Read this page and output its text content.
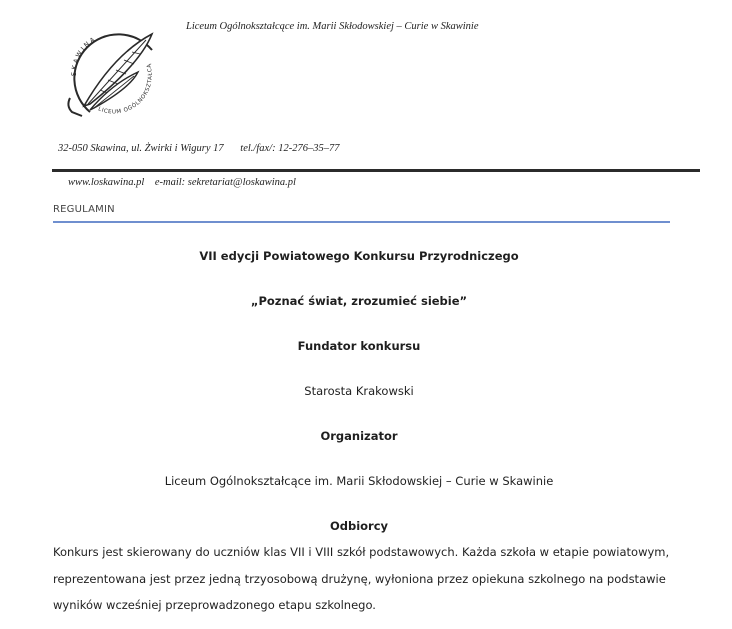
SKAWINA
LICEUM OGÓLNOKSZTAŁCĄ
Liceum Ogólnokształcące im. Marii Skłodowskiej – Curie w Skawinie
32-050 Skawina, ul. Żwirki i Wigury 17 tel./fax/: 12-276–35–77
www.loskawina.pl e-mail: sekretariat@loskawina.pl
REGULAMIN
VII edycji Powiatowego Konkursu Przyrodniczego
„Poznać świat, zrozumieć siebie”
Fundator konkursu
Starosta Krakowski
Organizator
Liceum Ogólnokształcące im. Marii Skłodowskiej – Curie w Skawinie
Odbiorcy
Konkurs jest skierowany do uczniów klas VII i VIII szkół podstawowych. Każda szkoła w etapie powiatowym,
reprezentowana jest przez jedną trzyosobową drużynę, wyłoniona przez opiekuna szkolnego na podstawie
wyników wcześniej przeprowadzonego etapu szkolnego.
